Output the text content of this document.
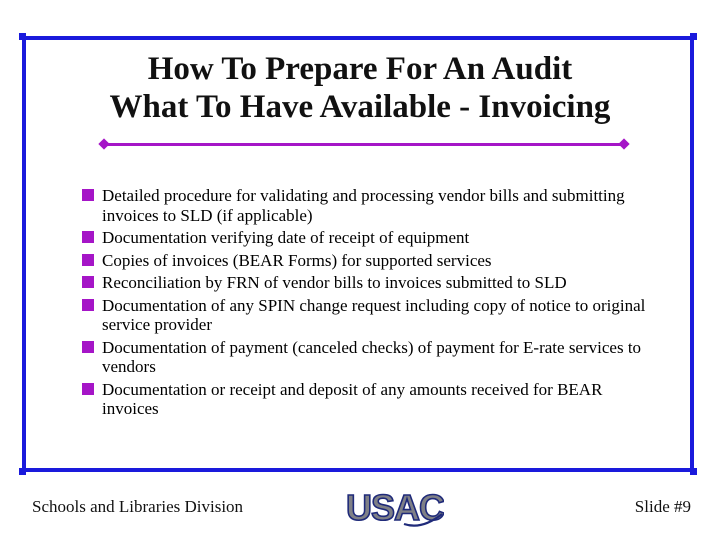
How To Prepare For An Audit
What To Have Available - Invoicing
Detailed procedure for validating and processing vendor bills and submitting invoices to SLD (if applicable)
Documentation verifying date of receipt of equipment
Copies of invoices (BEAR Forms) for supported services
Reconciliation by FRN of vendor bills to invoices submitted to SLD
Documentation of any SPIN change request including copy of notice to original service provider
Documentation of payment (canceled checks) of payment for E-rate services to vendors
Documentation or receipt and deposit of any amounts received for BEAR invoices
Schools and Libraries Division	USAC	Slide #9
